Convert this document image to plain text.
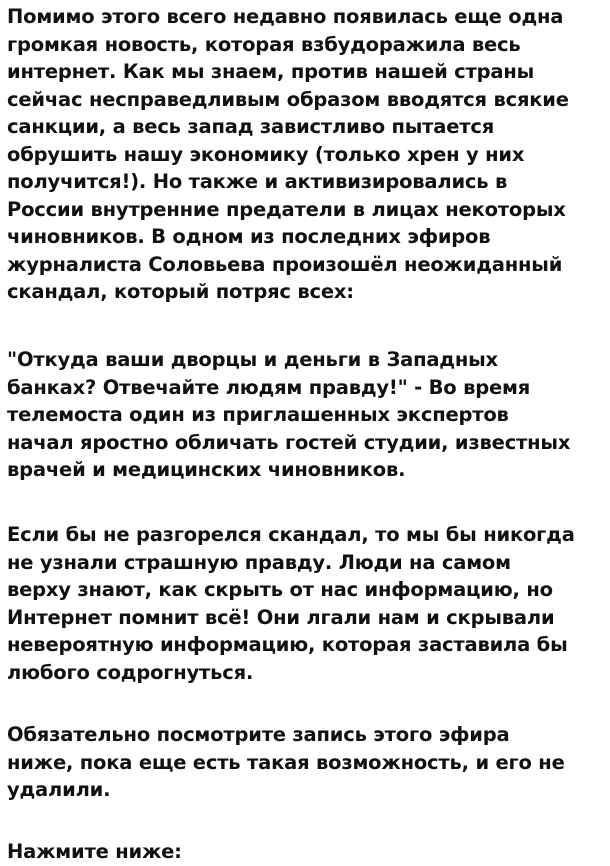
Помимо этого всего недавно появилась еще одна
громкая новость, которая взбудоражила весь
интернет. Как мы знаем, против нашей страны
сейчас несправедливым образом вводятся всякие
санкции, а весь запад завистливо пытается
обрушить нашу экономику (только хрен у них
получится!). Но также и активизировались в
России внутренние предатели в лицах некоторых
чиновников. В одном из последних эфиров
журналиста Соловьева произошёл неожиданный
скандал, который потряс всех:
"Откуда ваши дворцы и деньги в Западных
банках? Отвечайте людям правду!" - Во время
телемоста один из приглашенных экспертов
начал яростно обличать гостей студии, известных
врачей и медицинских чиновников.
Если бы не разгорелся скандал, то мы бы никогда
не узнали страшную правду. Люди на самом
верху знают, как скрыть от нас информацию, но
Интернет помнит всё! Они лгали нам и скрывали
невероятную информацию, которая заставила бы
любого содрогнуться.
Обязательно посмотрите запись этого эфира
ниже, пока еще есть такая возможность, и его не
удалили.
Нажмите ниже:
